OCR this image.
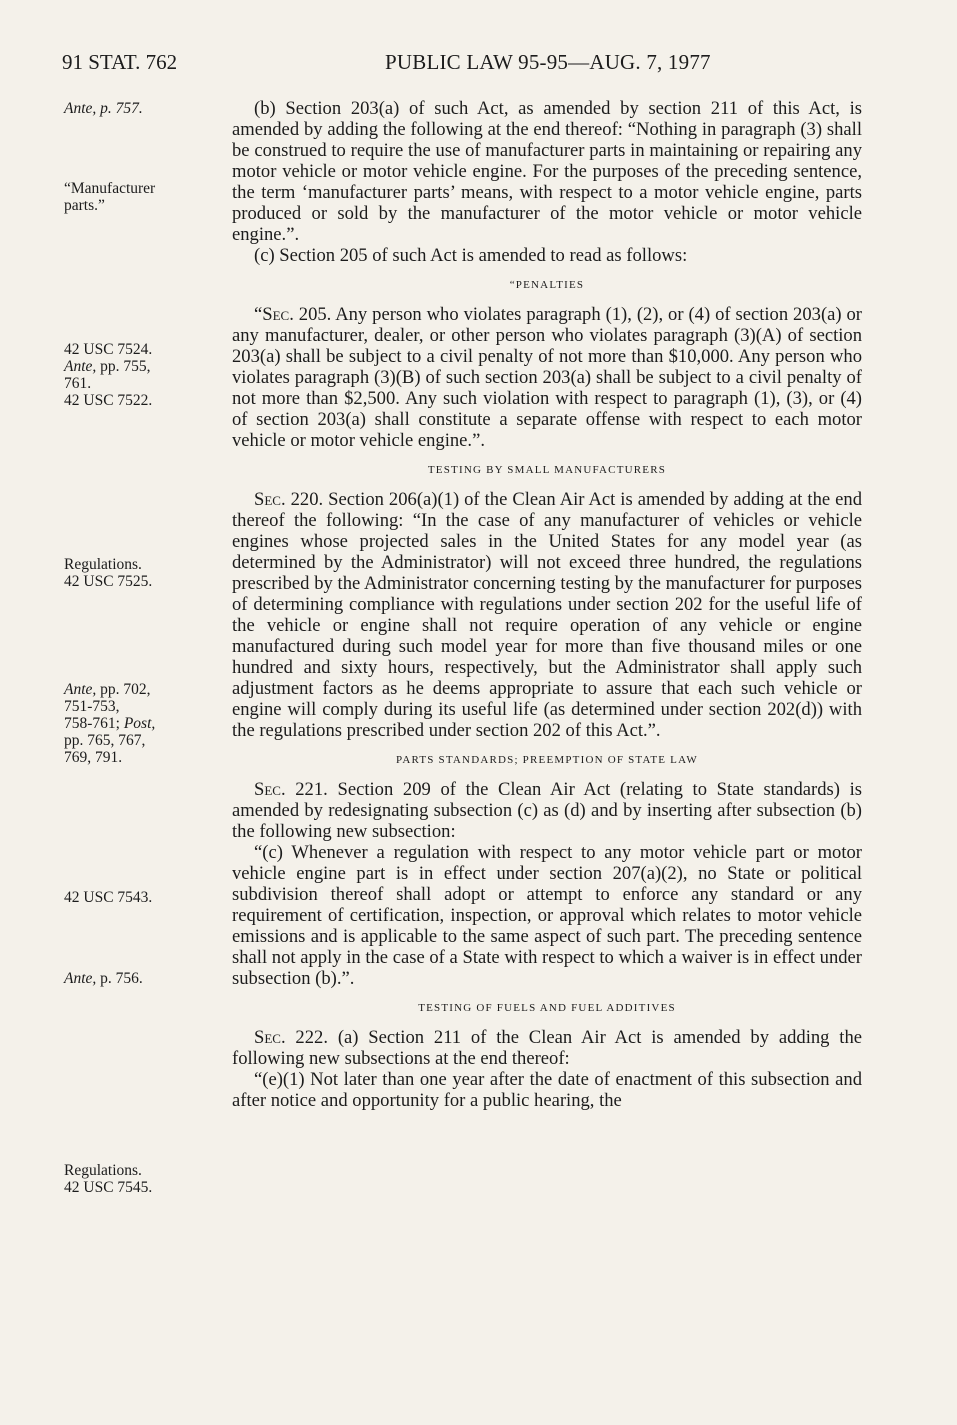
91 STAT. 762	PUBLIC LAW 95-95—AUG. 7, 1977
Ante, p. 757.
“Manufacturer
parts.”
42 USC 7524.
Ante, pp. 755,
761.
42 USC 7522.
Regulations.
42 USC 7525.
Ante, pp. 702,
751-753,
758-761; Post,
pp. 765, 767,
769, 791.
42 USC 7543.
Ante, p. 756.
Regulations.
42 USC 7545.

(b) Section 203(a) of such Act, as amended by section 211 of this Act, is amended by adding the following at the end thereof: “Nothing in paragraph (3) shall be construed to require the use of manufacturer parts in maintaining or repairing any motor vehicle or motor vehicle engine. For the purposes of the preceding sentence, the term ‘manufacturer parts’ means, with respect to a motor vehicle engine, parts produced or sold by the manufacturer of the motor vehicle or motor vehicle engine.”.

(c) Section 205 of such Act is amended to read as follows:

“PENALTIES

“Sec. 205. Any person who violates paragraph (1), (2), or (4) of section 203(a) or any manufacturer, dealer, or other person who violates paragraph (3)(A) of section 203(a) shall be subject to a civil penalty of not more than $10,000. Any person who violates paragraph (3)(B) of such section 203(a) shall be subject to a civil penalty of not more than $2,500. Any such violation with respect to paragraph (1), (3), or (4) of section 203(a) shall constitute a separate offense with respect to each motor vehicle or motor vehicle engine.”.

TESTING BY SMALL MANUFACTURERS

Sec. 220. Section 206(a)(1) of the Clean Air Act is amended by adding at the end thereof the following: “In the case of any manufacturer of vehicles or vehicle engines whose projected sales in the United States for any model year (as determined by the Administrator) will not exceed three hundred, the regulations prescribed by the Administrator concerning testing by the manufacturer for purposes of determining compliance with regulations under section 202 for the useful life of the vehicle or engine shall not require operation of any vehicle or engine manufactured during such model year for more than five thousand miles or one hundred and sixty hours, respectively, but the Administrator shall apply such adjustment factors as he deems appropriate to assure that each such vehicle or engine will comply during its useful life (as determined under section 202(d)) with the regulations prescribed under section 202 of this Act.”.

PARTS STANDARDS; PREEMPTION OF STATE LAW

Sec. 221. Section 209 of the Clean Air Act (relating to State standards) is amended by redesignating subsection (c) as (d) and by inserting after subsection (b) the following new subsection:

“(c) Whenever a regulation with respect to any motor vehicle part or motor vehicle engine part is in effect under section 207(a)(2), no State or political subdivision thereof shall adopt or attempt to enforce any standard or any requirement of certification, inspection, or approval which relates to motor vehicle emissions and is applicable to the same aspect of such part. The preceding sentence shall not apply in the case of a State with respect to which a waiver is in effect under subsection (b).”.

TESTING OF FUELS AND FUEL ADDITIVES

Sec. 222. (a) Section 211 of the Clean Air Act is amended by adding the following new subsections at the end thereof:

“(e)(1) Not later than one year after the date of enactment of this subsection and after notice and opportunity for a public hearing, the
